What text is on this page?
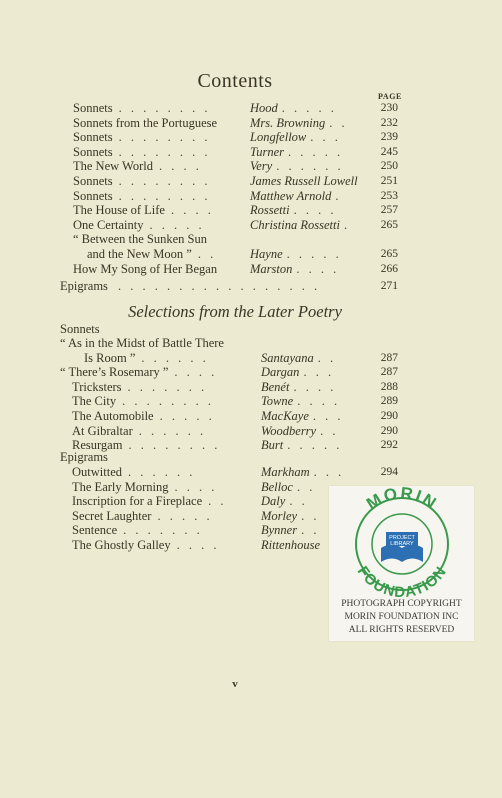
Contents
PAGE
Sonnets . . . . . . . .	Hood . . . . .	230
Sonnets from the Portuguese	Mrs. Browning . .	232
Sonnets . . . . . . . .	Longfellow . . .	239
Sonnets . . . . . . . .	Turner . . . . .	245
The New World . . . .	Very . . . . . .	250
Sonnets . . . . . . . .	James Russell Lowell	251
Sonnets . . . . . . . .	Matthew Arnold .	253
The House of Life . . . .	Rossetti . . . .	257
One Certainty . . . . .	Christina Rossetti .	265
“ Between the Sunken Sun
and the New Moon ” . .	Hayne . . . . .	265
How My Song of Her Began	Marston . . . .	266
Epigrams . . . . . . . . . . . . . . . . .	271
Selections from the Later Poetry
Sonnets
“ As in the Midst of Battle There
Is Room ” . . . . . .	Santayana . .	287
“ There’s Rosemary ” . . . .	Dargan . . .	287
Tricksters . . . . . . .	Benét . . . .	288
The City . . . . . . . .	Towne . . . .	289
The Automobile . . . . .	MacKaye . . .	290
At Gibraltar . . . . . .	Woodberry . .	290
Resurgam . . . . . . . .	Burt . . . . .	292
Epigrams
Outwitted . . . . . .	Markham . . .	294
The Early Morning . . . .	Belloc . .
Inscription for a Fireplace . .	Daly . .
Secret Laughter . . . . .	Morley . .
Sentence . . . . . . .	Bynner . .
The Ghostly Galley . . . .	Rittenhouse
v
MORIN
FOUNDATION
PROJECT
LIBRARY
PHOTOGRAPH COPYRIGHT
MORIN FOUNDATION INC
ALL RIGHTS RESERVED
